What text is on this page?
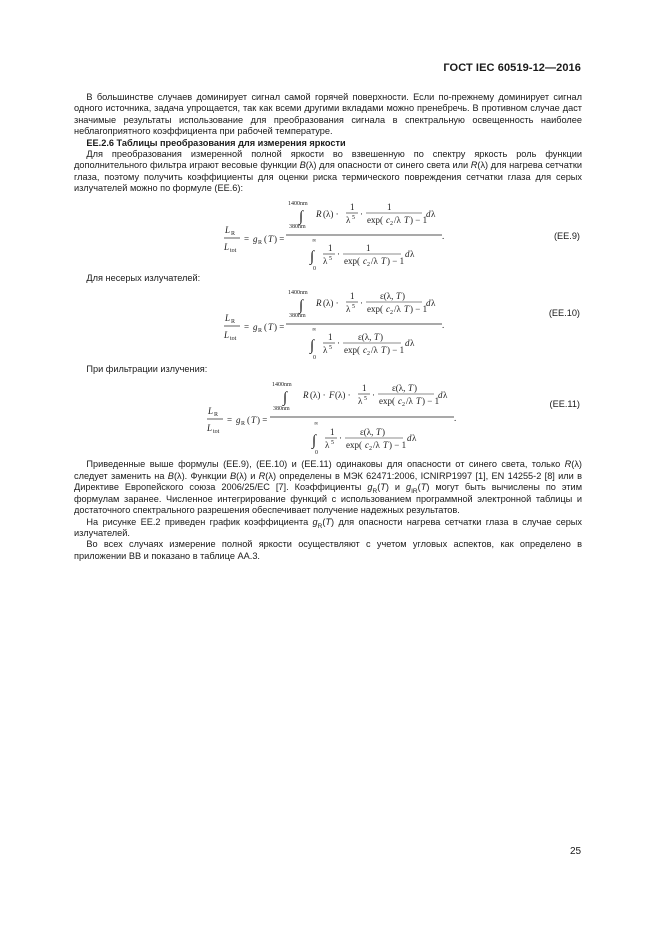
ГОСТ IEC 60519-12—2016

В большинстве случаев доминирует сигнал самой горячей поверхности. Если по-прежнему доминирует сигнал одного источника, задача упрощается, так как всеми другими вкладами можно пренебречь. В противном случае даст значимые результаты использование для преобразования сигнала в спектральную освещенность наиболее неблагоприятного коэффициента при рабочей температуре.

ЕЕ.2.6 Таблицы преобразования для измерения яркости

Для преобразования измеренной полной яркости во взвешенную по спектру яркость роль функции дополнительного фильтра играют весовые функции B(λ) для опасности от синего света или R(λ) для нагрева сетчатки глаза, поэтому получить коэффициенты для оценки риска термического повреждения сетчатки глаза для серых излучателей можно по формуле (ЕЕ.6):

L R
L tot
= g R ( T ) =
1400nm
∫
380nm
R (λ) ·
1
λ 5 ·
1
exp( c 2 /λ T ) − 1
d λ
∞
∫
0
1
λ 5 ·
1
exp( c 2 /λ T ) − 1
d λ
.	(ЕЕ.9)

Для несерых излучателей:

L R
L tot
= g R ( T ) =
1400nm
∫
380nm
R (λ) ·
1
λ 5 ·
ε(λ, T )
exp( c 2 /λ T ) − 1
d λ
∞
∫
0
1
λ 5 ·
ε(λ, T )
exp( c 2 /λ T ) − 1
d λ
.
(ЕЕ.10)

При фильтрации излучения:

L R
L tot
= g R ( T ) =
1400nm
∫
380nm
R (λ) · F (λ) ·
1
λ 5 ·
ε(λ, T )
exp( c 2 /λ T ) − 1
d λ
∞
∫
0
1
λ 5 ·
ε(λ, T )
exp( c 2 /λ T ) − 1
d λ
.
(ЕЕ.11)

Приведенные выше формулы (ЕЕ.9), (ЕЕ.10) и (ЕЕ.11) одинаковы для опасности от синего света, только R(λ) следует заменить на B(λ). Функции B(λ) и R(λ) определены в МЭК 62471:2006, ICNIRP1997 [1], EN 14255-2 [8] или в Директиве Европейского союза 2006/25/EC [7]. Коэффициенты $g_R(T)$ и $g_{IR}(T)$ могут быть вычислены по этим формулам заранее. Численное интегрирование функций с использованием программной электронной таблицы и достаточного спектрального разрешения обеспечивает получение надежных результатов.

На рисунке ЕЕ.2 приведен график коэффициента $g_R(T)$ для опасности нагрева сетчатки глаза в случае серых излучателей.

Во всех случаях измерение полной яркости осуществляют с учетом угловых аспектов, как определено в приложении ВВ и показано в таблице АА.3.

25
